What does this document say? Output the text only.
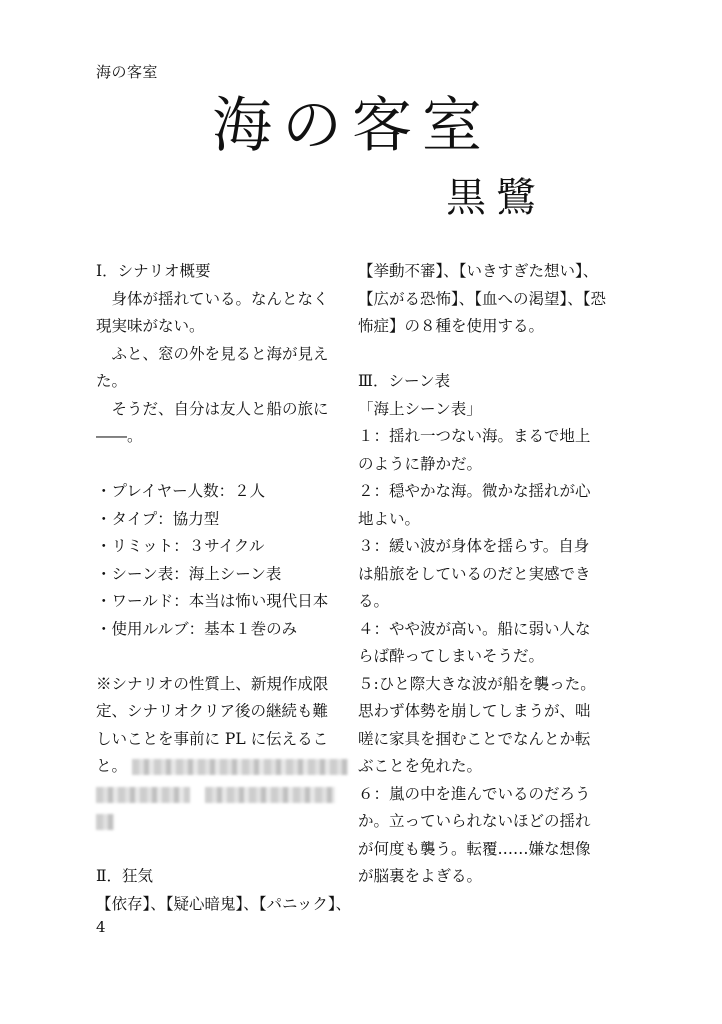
海の客室
海の客室
黒鷺
Ⅰ．シナリオ概要
　身体が揺れている。なんとなく
現実味がない。
　ふと、窓の外を見ると海が見え
た。
　そうだ、自分は友人と船の旅に
――。
・プレイヤー人数：２人
・タイプ：協力型
・リミット：３サイクル
・シーン表：海上シーン表
・ワールド：本当は怖い現代日本
・使用ルルブ：基本１巻のみ
※シナリオの性質上、新規作成限
定、シナリオクリア後の継続も難
しいことを事前に PL に伝えるこ
と。

Ⅱ．狂気
【依存】、【疑心暗鬼】、【パニック】、
【挙動不審】、【いきすぎた想い】、
【広がる恐怖】、【血への渇望】、【恐
怖症】の８種を使用する。
Ⅲ．シーン表
「海上シーン表」
１：揺れ一つない海。まるで地上
のように静かだ。
２：穏やかな海。微かな揺れが心
地よい。
３：緩い波が身体を揺らす。自身
は船旅をしているのだと実感でき
る。
４：やや波が高い。船に弱い人な
らば酔ってしまいそうだ。
５:ひと際大きな波が船を襲った。
思わず体勢を崩してしまうが、咄
嗟に家具を掴むことでなんとか転
ぶことを免れた。
６：嵐の中を進んでいるのだろう
か。立っていられないほどの揺れ
が何度も襲う。転覆……嫌な想像
が脳裏をよぎる。
4
